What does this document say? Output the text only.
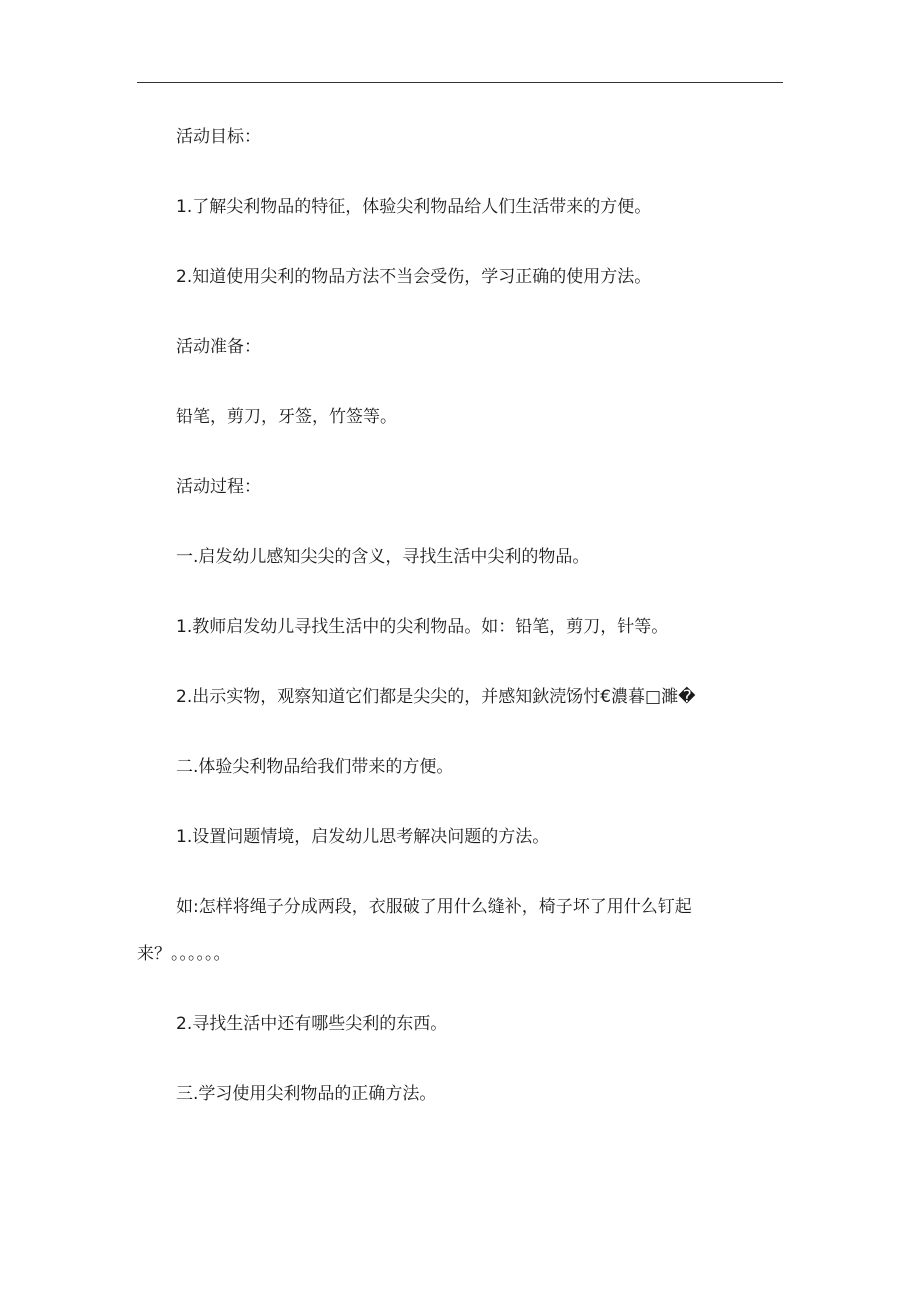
活动目标：
1.了解尖利物品的特征，体验尖利物品给人们生活带来的方便。
2.知道使用尖利的物品方法不当会受伤，学习正确的使用方法。
活动准备：
铅笔，剪刀，牙签，竹签等。
活动过程：
一.启发幼儿感知尖尖的含义，寻找生活中尖利的物品。
1.教师启发幼儿寻找生活中的尖利物品。如：铅笔，剪刀，针等。
2.出示实物，观察知道它们都是尖尖的，并感知鈥涜饧忖€濃暮□濉�
二.体验尖利物品给我们带来的方便。
1.设置问题情境，启发幼儿思考解决问题的方法。
如:怎样将绳子分成两段，衣服破了用什么缝补，椅子坏了用什么钉起
来？。。。。。。
2.寻找生活中还有哪些尖利的东西。
三.学习使用尖利物品的正确方法。
